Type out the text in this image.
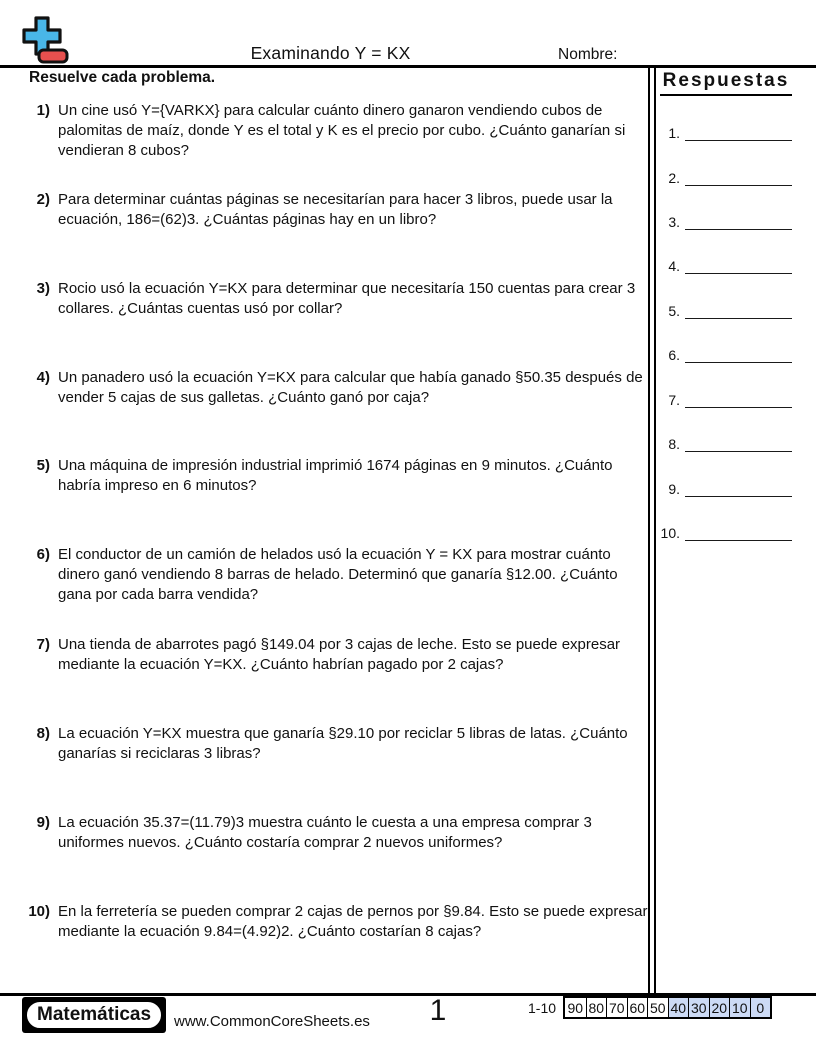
Examinando Y = KX	Nombre:
Resuelve cada problema.
1) Un cine usó Y={VARKX} para calcular cuánto dinero ganaron vendiendo cubos de palomitas de maíz, donde Y es el total y K es el precio por cubo. ¿Cuánto ganarían si vendieran 8 cubos?
2) Para determinar cuántas páginas se necesitarían para hacer 3 libros, puede usar la ecuación, 186=(62)3. ¿Cuántas páginas hay en un libro?
3) Rocio usó la ecuación Y=KX para determinar que necesitaría 150 cuentas para crear 3 collares. ¿Cuántas cuentas usó por collar?
4) Un panadero usó la ecuación Y=KX para calcular que había ganado §50.35 después de vender 5 cajas de sus galletas. ¿Cuánto ganó por caja?
5) Una máquina de impresión industrial imprimió 1674 páginas en 9 minutos. ¿Cuánto habría impreso en 6 minutos?
6) El conductor de un camión de helados usó la ecuación Y = KX para mostrar cuánto dinero ganó vendiendo 8 barras de helado. Determinó que ganaría §12.00. ¿Cuánto gana por cada barra vendida?
7) Una tienda de abarrotes pagó §149.04 por 3 cajas de leche. Esto se puede expresar mediante la ecuación Y=KX. ¿Cuánto habrían pagado por 2 cajas?
8) La ecuación Y=KX muestra que ganaría §29.10 por reciclar 5 libras de latas. ¿Cuánto ganarías si reciclaras 3 libras?
9) La ecuación 35.37=(11.79)3 muestra cuánto le cuesta a una empresa comprar 3 uniformes nuevos. ¿Cuánto costaría comprar 2 nuevos uniformes?
10) En la ferretería se pueden comprar 2 cajas de pernos por §9.84. Esto se puede expresar mediante la ecuación 9.84=(4.92)2. ¿Cuánto costarían 8 cajas?
Respuestas
1.
2.
3.
4.
5.
6.
7.
8.
9.
10.
Matemáticas	www.CommonCoreSheets.es	1	1-10 90 80 70 60 50 40 30 20 10 0
